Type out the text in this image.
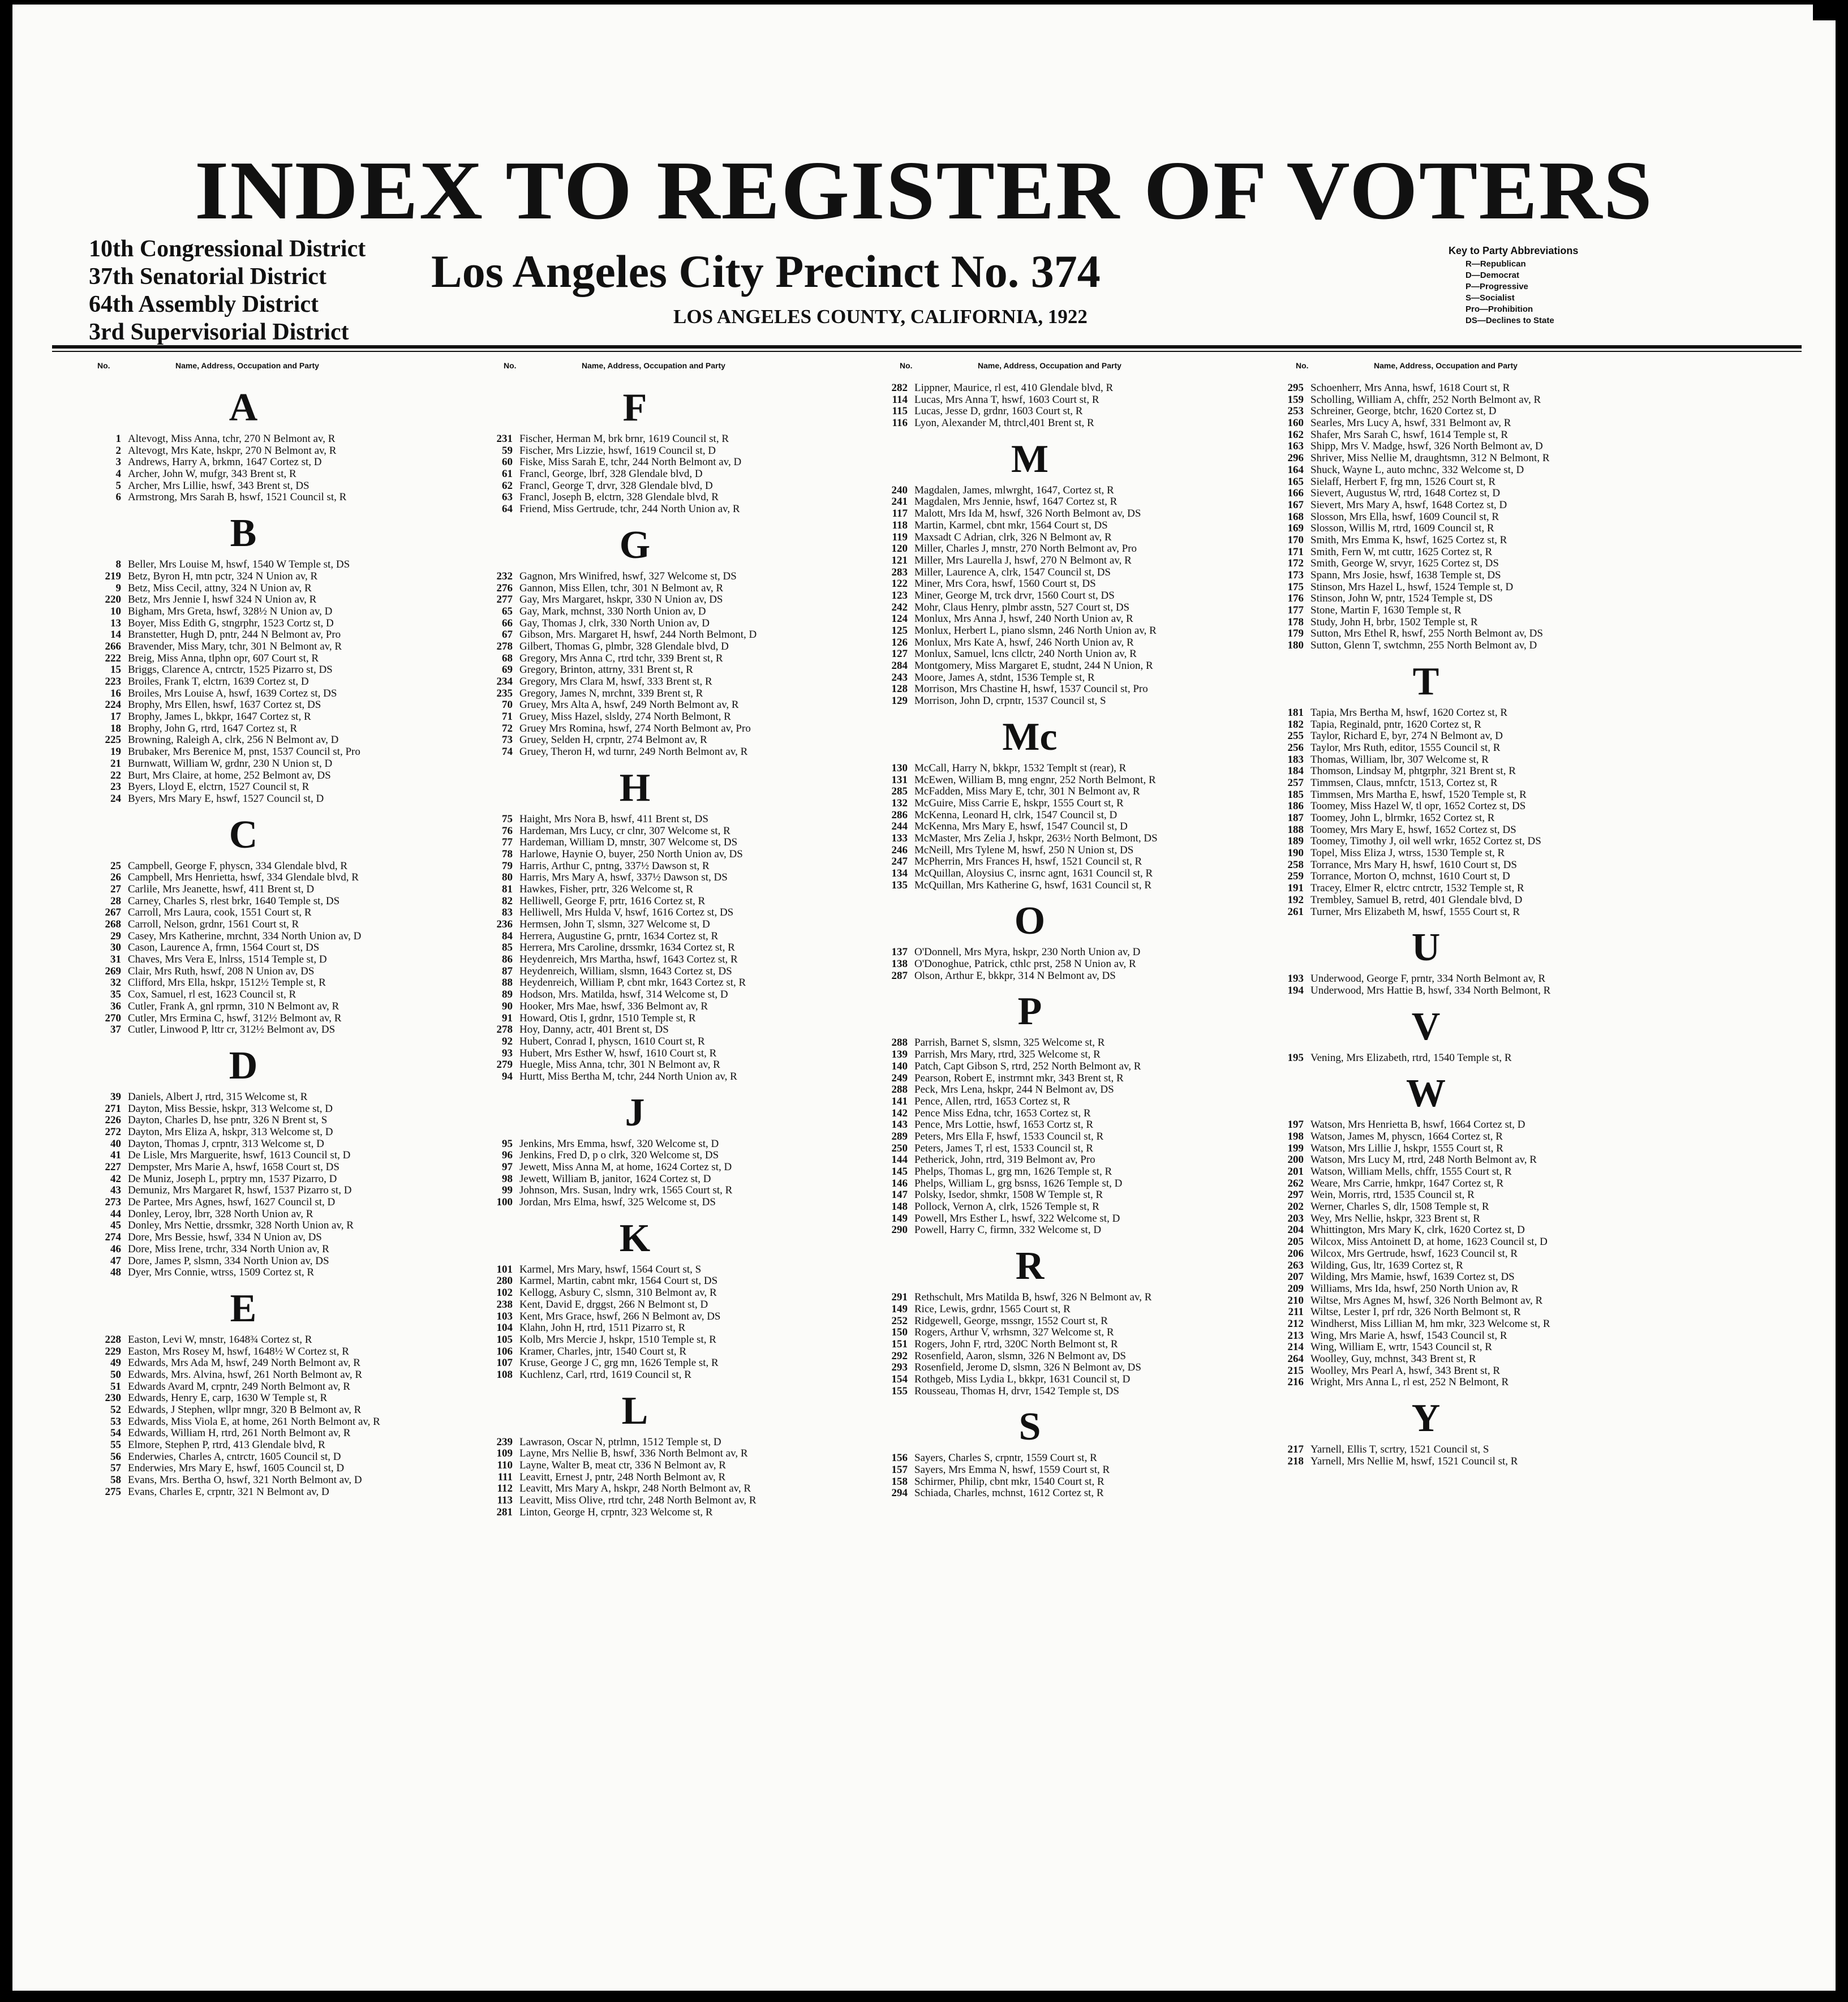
INDEX TO REGISTER OF VOTERS
10th Congressional District
37th Senatorial District
64th Assembly District
3rd Supervisorial District
Los Angeles City Precinct No. 374
LOS ANGELES COUNTY, CALIFORNIA, 1922
Key to Party Abbreviations
R—Republican
D—Democrat
P—Progressive
S—Socialist
Pro—Prohibition
DS—Declines to State
No.	Name, Address, Occupation and Party	No.	Name, Address, Occupation and Party	No.	Name, Address, Occupation and Party	No.	Name, Address, Occupation and Party
A
1 Altevogt, Miss Anna, tchr, 270 N Belmont av, R
2 Altevogt, Mrs Kate, hskpr, 270 N Belmont av, R
3 Andrews, Harry A, brkmn, 1647 Cortez st, D
4 Archer, John W, mufgr, 343 Brent st, R
5 Archer, Mrs Lillie, hswf, 343 Brent st, DS
6 Armstrong, Mrs Sarah B, hswf, 1521 Council st, R
B
8 Beller, Mrs Louise M, hswf, 1540 W Temple st, DS
219 Betz, Byron H, mtn pctr, 324 N Union av, R
9 Betz, Miss Cecil, attny, 324 N Union av, R
220 Betz, Mrs Jennie I, hswf 324 N Union av, R
10 Bigham, Mrs Greta, hswf, 328½ N Union av, D
13 Boyer, Miss Edith G, stngrphr, 1523 Cortz st, D
14 Branstetter, Hugh D, pntr, 244 N Belmont av, Pro
266 Bravender, Miss Mary, tchr, 301 N Belmont av, R
222 Breig, Miss Anna, tlphn opr, 607 Court st, R
15 Briggs, Clarence A, cntrctr, 1525 Pizarro st, DS
223 Broiles, Frank T, elctrn, 1639 Cortez st, D
16 Broiles, Mrs Louise A, hswf, 1639 Cortez st, DS
224 Brophy, Mrs Ellen, hswf, 1637 Cortez st, DS
17 Brophy, James L, bkkpr, 1647 Cortez st, R
18 Brophy, John G, rtrd, 1647 Cortez st, R
225 Browning, Raleigh A, clrk, 256 N Belmont av, D
19 Brubaker, Mrs Berenice M, pnst, 1537 Council st, Pro
21 Burnwatt, William W, grdnr, 230 N Union st, D
22 Burt, Mrs Claire, at home, 252 Belmont av, DS
23 Byers, Lloyd E, elctrn, 1527 Council st, R
24 Byers, Mrs Mary E, hswf, 1527 Council st, D
C
25 Campbell, George F, physcn, 334 Glendale blvd, R
26 Campbell, Mrs Henrietta, hswf, 334 Glendale blvd, R
27 Carlile, Mrs Jeanette, hswf, 411 Brent st, D
28 Carney, Charles S, rlest brkr, 1640 Temple st, DS
267 Carroll, Mrs Laura, cook, 1551 Court st, R
268 Carroll, Nelson, grdnr, 1561 Court st, R
29 Casey, Mrs Katherine, mrchnt, 334 North Union av, D
30 Cason, Laurence A, frmn, 1564 Court st, DS
31 Chaves, Mrs Vera E, lnlrss, 1514 Temple st, D
269 Clair, Mrs Ruth, hswf, 208 N Union av, DS
32 Clifford, Mrs Ella, hskpr, 1512½ Temple st, R
35 Cox, Samuel, rl est, 1623 Council st, R
36 Cutler, Frank A, gnl rprmn, 310 N Belmont av, R
270 Cutler, Mrs Ermina C, hswf, 312½ Belmont av, R
37 Cutler, Linwood P, lttr cr, 312½ Belmont av, DS
D
39 Daniels, Albert J, rtrd, 315 Welcome st, R
271 Dayton, Miss Bessie, hskpr, 313 Welcome st, D
226 Dayton, Charles D, hse pntr, 326 N Brent st, S
272 Dayton, Mrs Eliza A, hskpr, 313 Welcome st, D
40 Dayton, Thomas J, crpntr, 313 Welcome st, D
41 De Lisle, Mrs Marguerite, hswf, 1613 Council st, D
227 Dempster, Mrs Marie A, hswf, 1658 Court st, DS
42 De Muniz, Joseph L, prptry mn, 1537 Pizarro, D
43 Demuniz, Mrs Margaret R, hswf, 1537 Pizarro st, D
273 De Partee, Mrs Agnes, hswf, 1627 Council st, D
44 Donley, Leroy, lbrr, 328 North Union av, R
45 Donley, Mrs Nettie, drssmkr, 328 North Union av, R
274 Dore, Mrs Bessie, hswf, 334 N Union av, DS
46 Dore, Miss Irene, trchr, 334 North Union av, R
47 Dore, James P, slsmn, 334 North Union av, DS
48 Dyer, Mrs Connie, wtrss, 1509 Cortez st, R
E
228 Easton, Levi W, mnstr, 1648¾ Cortez st, R
229 Easton, Mrs Rosey M, hswf, 1648½ W Cortez st, R
49 Edwards, Mrs Ada M, hswf, 249 North Belmont av, R
50 Edwards, Mrs. Alvina, hswf, 261 North Belmont av, R
51 Edwards Avard M, crpntr, 249 North Belmont av, R
230 Edwards, Henry E, carp, 1630 W Temple st, R
52 Edwards, J Stephen, wllpr mngr, 320 B Belmont av, R
53 Edwards, Miss Viola E, at home, 261 North Belmont av, R
54 Edwards, William H, rtrd, 261 North Belmont av, R
55 Elmore, Stephen P, rtrd, 413 Glendale blvd, R
56 Enderwies, Charles A, cntrctr, 1605 Council st, D
57 Enderwies, Mrs Mary E, hswf, 1605 Council st, D
58 Evans, Mrs. Bertha O, hswf, 321 North Belmont av, D
275 Evans, Charles E, crpntr, 321 N Belmont av, D
F
231 Fischer, Herman M, brk brnr, 1619 Council st, R
59 Fischer, Mrs Lizzie, hswf, 1619 Council st, D
60 Fiske, Miss Sarah E, tchr, 244 North Belmont av, D
61 Francl, George, lbrf, 328 Glendale blvd, D
62 Francl, George T, drvr, 328 Glendale blvd, D
63 Francl, Joseph B, elctrn, 328 Glendale blvd, R
64 Friend, Miss Gertrude, tchr, 244 North Union av, R
G
232 Gagnon, Mrs Winifred, hswf, 327 Welcome st, DS
276 Gannon, Miss Ellen, tchr, 301 N Belmont av, R
277 Gay, Mrs Margaret, hskpr, 330 N Union av, DS
65 Gay, Mark, mchnst, 330 North Union av, D
66 Gay, Thomas J, clrk, 330 North Union av, D
67 Gibson, Mrs. Margaret H, hswf, 244 North Belmont, D
278 Gilbert, Thomas G, plmbr, 328 Glendale blvd, D
68 Gregory, Mrs Anna C, rtrd tchr, 339 Brent st, R
69 Gregory, Brinton, attrny, 331 Brent st, R
234 Gregory, Mrs Clara M, hswf, 333 Brent st, R
235 Gregory, James N, mrchnt, 339 Brent st, R
70 Gruey, Mrs Alta A, hswf, 249 North Belmont av, R
71 Gruey, Miss Hazel, slsldy, 274 North Belmont, R
72 Gruey Mrs Romina, hswf, 274 North Belmont av, Pro
73 Gruey, Selden H, crpntr, 274 Belmont av, R
74 Gruey, Theron H, wd turnr, 249 North Belmont av, R
H
75 Haight, Mrs Nora B, hswf, 411 Brent st, DS
76 Hardeman, Mrs Lucy, cr clnr, 307 Welcome st, R
77 Hardeman, William D, mnstr, 307 Welcome st, DS
78 Harlowe, Haynie O, buyer, 250 North Union av, DS
79 Harris, Arthur C, pntng, 337½ Dawson st, R
80 Harris, Mrs Mary A, hswf, 337½ Dawson st, DS
81 Hawkes, Fisher, prtr, 326 Welcome st, R
82 Helliwell, George F, prtr, 1616 Cortez st, R
83 Helliwell, Mrs Hulda V, hswf, 1616 Cortez st, DS
236 Hermsen, John T, slsmn, 327 Welcome st, D
84 Herrera, Augustine G, prntr, 1634 Cortez st, R
85 Herrera, Mrs Caroline, drssmkr, 1634 Cortez st, R
86 Heydenreich, Mrs Martha, hswf, 1643 Cortez st, R
87 Heydenreich, William, slsmn, 1643 Cortez st, DS
88 Heydenreich, William P, cbnt mkr, 1643 Cortez st, R
89 Hodson, Mrs. Matilda, hswf, 314 Welcome st, D
90 Hooker, Mrs Mae, hswf, 336 Belmont av, R
91 Howard, Otis I, grdnr, 1510 Temple st, R
278 Hoy, Danny, actr, 401 Brent st, DS
92 Hubert, Conrad I, physcn, 1610 Court st, R
93 Hubert, Mrs Esther W, hswf, 1610 Court st, R
279 Huegle, Miss Anna, tchr, 301 N Belmont av, R
94 Hurtt, Miss Bertha M, tchr, 244 North Union av, R
J
95 Jenkins, Mrs Emma, hswf, 320 Welcome st, D
96 Jenkins, Fred D, p o clrk, 320 Welcome st, DS
97 Jewett, Miss Anna M, at home, 1624 Cortez st, D
98 Jewett, William B, janitor, 1624 Cortez st, D
99 Johnson, Mrs. Susan, lndry wrk, 1565 Court st, R
100 Jordan, Mrs Elma, hswf, 325 Welcome st, DS
K
101 Karmel, Mrs Mary, hswf, 1564 Court st, S
280 Karmel, Martin, cabnt mkr, 1564 Court st, DS
102 Kellogg, Asbury C, slsmn, 310 Belmont av, R
238 Kent, David E, drggst, 266 N Belmont st, D
103 Kent, Mrs Grace, hswf, 266 N Belmont av, DS
104 Klahn, John H, rtrd, 1511 Pizarro st, R
105 Kolb, Mrs Mercie J, hskpr, 1510 Temple st, R
106 Kramer, Charles, jntr, 1540 Court st, R
107 Kruse, George J C, grg mn, 1626 Temple st, R
108 Kuchlenz, Carl, rtrd, 1619 Council st, R
L
239 Lawrason, Oscar N, ptrlmn, 1512 Temple st, D
109 Layne, Mrs Nellie B, hswf, 336 North Belmont av, R
110 Layne, Walter B, meat ctr, 336 N Belmont av, R
111 Leavitt, Ernest J, pntr, 248 North Belmont av, R
112 Leavitt, Mrs Mary A, hskpr, 248 North Belmont av, R
113 Leavitt, Miss Olive, rtrd tchr, 248 North Belmont av, R
281 Linton, George H, crpntr, 323 Welcome st, R
282 Lippner, Maurice, rl est, 410 Glendale blvd, R
114 Lucas, Mrs Anna T, hswf, 1603 Court st, R
115 Lucas, Jesse D, grdnr, 1603 Court st, R
116 Lyon, Alexander M, thtrcl,401 Brent st, R
M
240 Magdalen, James, mlwrght, 1647, Cortez st, R
241 Magdalen, Mrs Jennie, hswf, 1647 Cortez st, R
117 Malott, Mrs Ida M, hswf, 326 North Belmont av, DS
118 Martin, Karmel, cbnt mkr, 1564 Court st, DS
119 Maxsadt C Adrian, clrk, 326 N Belmont av, R
120 Miller, Charles J, mnstr, 270 North Belmont av, Pro
121 Miller, Mrs Laurella J, hswf, 270 N Belmont av, R
283 Miller, Laurence A, clrk, 1547 Council st, DS
122 Miner, Mrs Cora, hswf, 1560 Court st, DS
123 Miner, George M, trck drvr, 1560 Court st, DS
242 Mohr, Claus Henry, plmbr asstn, 527 Court st, DS
124 Monlux, Mrs Anna J, hswf, 240 North Union av, R
125 Monlux, Herbert L, piano slsmn, 246 North Union av, R
126 Monlux, Mrs Kate A, hswf, 246 North Union av, R
127 Monlux, Samuel, lcns cllctr, 240 North Union av, R
284 Montgomery, Miss Margaret E, studnt, 244 N Union, R
243 Moore, James A, stdnt, 1536 Temple st, R
128 Morrison, Mrs Chastine H, hswf, 1537 Council st, Pro
129 Morrison, John D, crpntr, 1537 Council st, S
Mc
130 McCall, Harry N, bkkpr, 1532 Templt st (rear), R
131 McEwen, William B, mng engnr, 252 North Belmont, R
285 McFadden, Miss Mary E, tchr, 301 N Belmont av, R
132 McGuire, Miss Carrie E, hskpr, 1555 Court st, R
286 McKenna, Leonard H, clrk, 1547 Council st, D
244 McKenna, Mrs Mary E, hswf, 1547 Council st, D
133 McMaster, Mrs Zelia J, hskpr, 263½ North Belmont, DS
246 McNeill, Mrs Tylene M, hswf, 250 N Union st, DS
247 McPherrin, Mrs Frances H, hswf, 1521 Council st, R
134 McQuillan, Aloysius C, insrnc agnt, 1631 Council st, R
135 McQuillan, Mrs Katherine G, hswf, 1631 Council st, R
O
137 O'Donnell, Mrs Myra, hskpr, 230 North Union av, D
138 O'Donoghue, Patrick, cthlc prst, 258 N Union av, R
287 Olson, Arthur E, bkkpr, 314 N Belmont av, DS
P
288 Parrish, Barnet S, slsmn, 325 Welcome st, R
139 Parrish, Mrs Mary, rtrd, 325 Welcome st, R
140 Patch, Capt Gibson S, rtrd, 252 North Belmont av, R
249 Pearson, Robert E, instrmnt mkr, 343 Brent st, R
288 Peck, Mrs Lena, hskpr, 244 N Belmont av, DS
141 Pence, Allen, rtrd, 1653 Cortez st, R
142 Pence Miss Edna, tchr, 1653 Cortez st, R
143 Pence, Mrs Lottie, hswf, 1653 Cortz st, R
289 Peters, Mrs Ella F, hswf, 1533 Council st, R
250 Peters, James T, rl est, 1533 Council st, R
144 Petherick, John, rtrd, 319 Belmont av, Pro
145 Phelps, Thomas L, grg mn, 1626 Temple st, R
146 Phelps, William L, grg bsnss, 1626 Temple st, D
147 Polsky, Isedor, shmkr, 1508 W Temple st, R
148 Pollock, Vernon A, clrk, 1526 Temple st, R
149 Powell, Mrs Esther L, hswf, 322 Welcome st, D
290 Powell, Harry C, firmn, 332 Welcome st, D
R
291 Rethschult, Mrs Matilda B, hswf, 326 N Belmont av, R
149 Rice, Lewis, grdnr, 1565 Court st, R
252 Ridgewell, George, mssngr, 1552 Court st, R
150 Rogers, Arthur V, wrhsmn, 327 Welcome st, R
151 Rogers, John F, rtrd, 320C North Belmont st, R
292 Rosenfield, Aaron, slsmn, 326 N Belmont av, DS
293 Rosenfield, Jerome D, slsmn, 326 N Belmont av, DS
154 Rothgeb, Miss Lydia L, bkkpr, 1631 Council st, D
155 Rousseau, Thomas H, drvr, 1542 Temple st, DS
S
156 Sayers, Charles S, crpntr, 1559 Court st, R
157 Sayers, Mrs Emma N, hswf, 1559 Court st, R
158 Schirmer, Philip, cbnt mkr, 1540 Court st, R
294 Schiada, Charles, mchnst, 1612 Cortez st, R
295 Schoenherr, Mrs Anna, hswf, 1618 Court st, R
159 Scholling, William A, chffr, 252 North Belmont av, R
253 Schreiner, George, btchr, 1620 Cortez st, D
160 Searles, Mrs Lucy A, hswf, 331 Belmont av, R
162 Shafer, Mrs Sarah C, hswf, 1614 Temple st, R
163 Shipp, Mrs V. Madge, hswf, 326 North Belmont av, D
296 Shriver, Miss Nellie M, draughtsmn, 312 N Belmont, R
164 Shuck, Wayne L, auto mchnc, 332 Welcome st, D
165 Sielaff, Herbert F, frg mn, 1526 Court st, R
166 Sievert, Augustus W, rtrd, 1648 Cortez st, D
167 Sievert, Mrs Mary A, hswf, 1648 Cortez st, D
168 Slosson, Mrs Ella, hswf, 1609 Council st, R
169 Slosson, Willis M, rtrd, 1609 Council st, R
170 Smith, Mrs Emma K, hswf, 1625 Cortez st, R
171 Smith, Fern W, mt cuttr, 1625 Cortez st, R
172 Smith, George W, srvyr, 1625 Cortez st, DS
173 Spann, Mrs Josie, hswf, 1638 Temple st, DS
175 Stinson, Mrs Hazel L, hswf, 1524 Temple st, D
176 Stinson, John W, pntr, 1524 Temple st, DS
177 Stone, Martin F, 1630 Temple st, R
178 Study, John H, brbr, 1502 Temple st, R
179 Sutton, Mrs Ethel R, hswf, 255 North Belmont av, DS
180 Sutton, Glenn T, swtchmn, 255 North Belmont av, D
T
181 Tapia, Mrs Bertha M, hswf, 1620 Cortez st, R
182 Tapia, Reginald, pntr, 1620 Cortez st, R
255 Taylor, Richard E, byr, 274 N Belmont av, D
256 Taylor, Mrs Ruth, editor, 1555 Council st, R
183 Thomas, William, lbr, 307 Welcome st, R
184 Thomson, Lindsay M, phtgrphr, 321 Brent st, R
257 Timmsen, Claus, mnfctr, 1513, Cortez st, R
185 Timmsen, Mrs Martha E, hswf, 1520 Temple st, R
186 Toomey, Miss Hazel W, tl opr, 1652 Cortez st, DS
187 Toomey, John L, blrmkr, 1652 Cortez st, R
188 Toomey, Mrs Mary E, hswf, 1652 Cortez st, DS
189 Toomey, Timothy J, oil well wrkr, 1652 Cortez st, DS
190 Topel, Miss Eliza J, wtrss, 1530 Temple st, R
258 Torrance, Mrs Mary H, hswf, 1610 Court st, DS
259 Torrance, Morton O, mchnst, 1610 Court st, D
191 Tracey, Elmer R, elctrc cntrctr, 1532 Temple st, R
192 Trembley, Samuel B, retrd, 401 Glendale blvd, D
261 Turner, Mrs Elizabeth M, hswf, 1555 Court st, R
U
193 Underwood, George F, prntr, 334 North Belmont av, R
194 Underwood, Mrs Hattie B, hswf, 334 North Belmont, R
V
195 Vening, Mrs Elizabeth, rtrd, 1540 Temple st, R
W
197 Watson, Mrs Henrietta B, hswf, 1664 Cortez st, D
198 Watson, James M, physcn, 1664 Cortez st, R
199 Watson, Mrs Lillie J, hskpr, 1555 Court st, R
200 Watson, Mrs Lucy M, rtrd, 248 North Belmont av, R
201 Watson, William Mells, chffr, 1555 Court st, R
262 Weare, Mrs Carrie, hmkpr, 1647 Cortez st, R
297 Wein, Morris, rtrd, 1535 Council st, R
202 Werner, Charles S, dlr, 1508 Temple st, R
203 Wey, Mrs Nellie, hskpr, 323 Brent st, R
204 Whittington, Mrs Mary K, clrk, 1620 Cortez st, D
205 Wilcox, Miss Antoinett D, at home, 1623 Council st, D
206 Wilcox, Mrs Gertrude, hswf, 1623 Council st, R
263 Wilding, Gus, ltr, 1639 Cortez st, R
207 Wilding, Mrs Mamie, hswf, 1639 Cortez st, DS
209 Williams, Mrs Ida, hswf, 250 North Union av, R
210 Wiltse, Mrs Agnes M, hswf, 326 North Belmont av, R
211 Wiltse, Lester I, prf rdr, 326 North Belmont st, R
212 Windherst, Miss Lillian M, hm mkr, 323 Welcome st, R
213 Wing, Mrs Marie A, hswf, 1543 Council st, R
214 Wing, William E, wrtr, 1543 Council st, R
264 Woolley, Guy, mchnst, 343 Brent st, R
215 Woolley, Mrs Pearl A, hswf, 343 Brent st, R
216 Wright, Mrs Anna L, rl est, 252 N Belmont, R
Y
217 Yarnell, Ellis T, scrtry, 1521 Council st, S
218 Yarnell, Mrs Nellie M, hswf, 1521 Council st, R
